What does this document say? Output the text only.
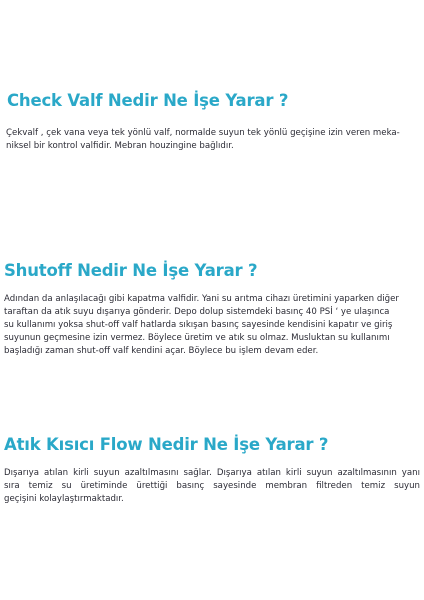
Check Valf Nedir Ne İşe Yarar ?

Çekvalf , çek vana veya tek yönlü valf, normalde suyun tek yönlü geçişine izin veren meka-
niksel bir kontrol valfidir. Mebran houzingine bağlıdır.

Shutoff Nedir Ne İşe Yarar ?

Adından da anlaşılacağı gibi kapatma valfidir. Yani su arıtma cihazı üretimini yaparken diğer
taraftan da atık suyu dışarıya gönderir. Depo dolup sistemdeki basınç 40 PSİ ‘ ye ulaşınca
su kullanımı yoksa shut-off valf hatlarda sıkışan basınç sayesinde kendisini kapatır ve giriş
suyunun geçmesine izin vermez. Böylece üretim ve atık su olmaz. Musluktan su kullanımı
başladığı zaman shut-off valf kendini açar. Böylece bu işlem devam eder.

Atık Kısıcı Flow Nedir Ne İşe Yarar ?

Dışarıya atılan kirli suyun azaltılmasını sağlar. Dışarıya atılan kirli suyun azaltılmasının yanı
sıra temiz su üretiminde ürettiği basınç sayesinde membran filtreden temiz suyun
geçişini kolaylaştırmaktadır.
